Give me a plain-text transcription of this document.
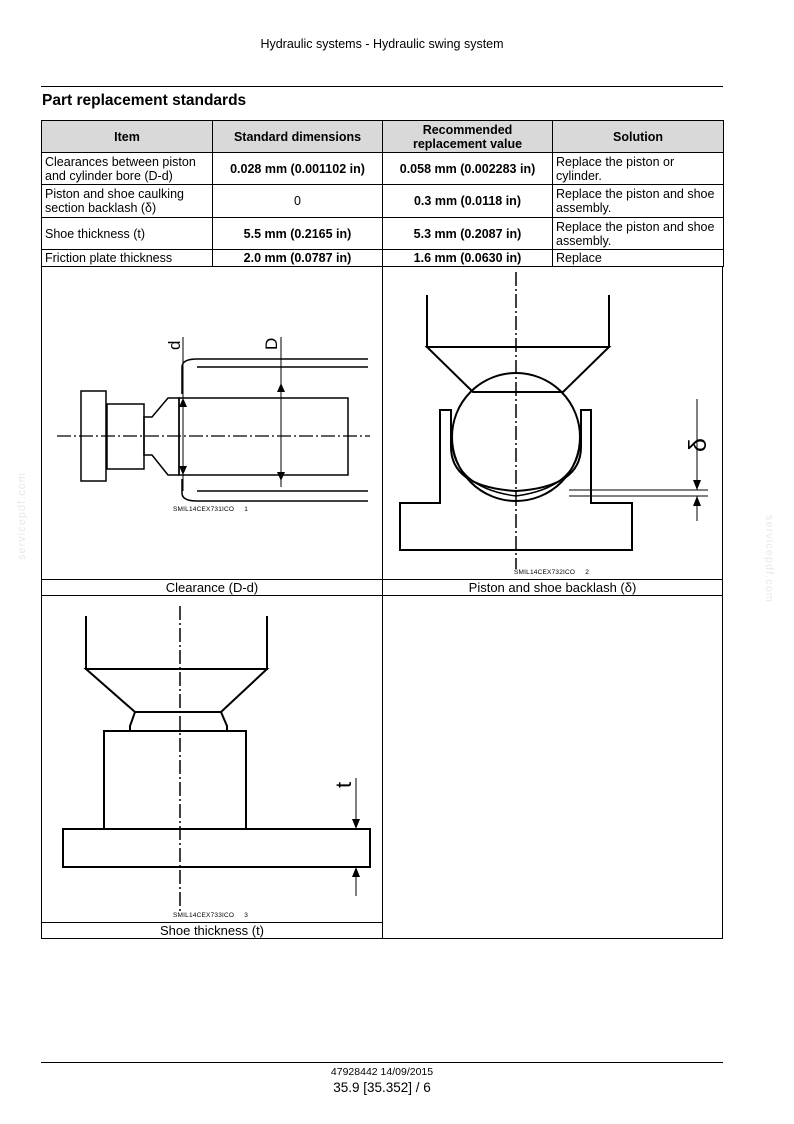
servicepdf.com	servicepdf.com
Hydraulic systems - Hydraulic swing system
Part replacement standards
Item	Standard dimensions	Recommended replacement value	Solution
Clearances between piston and cylinder bore (D-d)	0.028 mm (0.001102 in)	0.058 mm (0.002283 in)	Replace the piston or cylinder.
Piston and shoe caulking section backlash (δ)	0	0.3 mm (0.0118 in)	Replace the piston and shoe assembly.
Shoe thickness (t)	5.5 mm (0.2165 in)	5.3 mm (0.2087 in)	Replace the piston and shoe assembly.
Friction plate thickness	2.0 mm (0.0787 in)	1.6 mm (0.0630 in)	Replace
d	D
SMIL14CEX731ICO 1
Clearance (D-d)
δ
SMIL14CEX732ICO 2
Piston and shoe backlash (δ)
t
SMIL14CEX733ICO 3
Shoe thickness (t)
47928442 14/09/2015
35.9 [35.352] / 6
